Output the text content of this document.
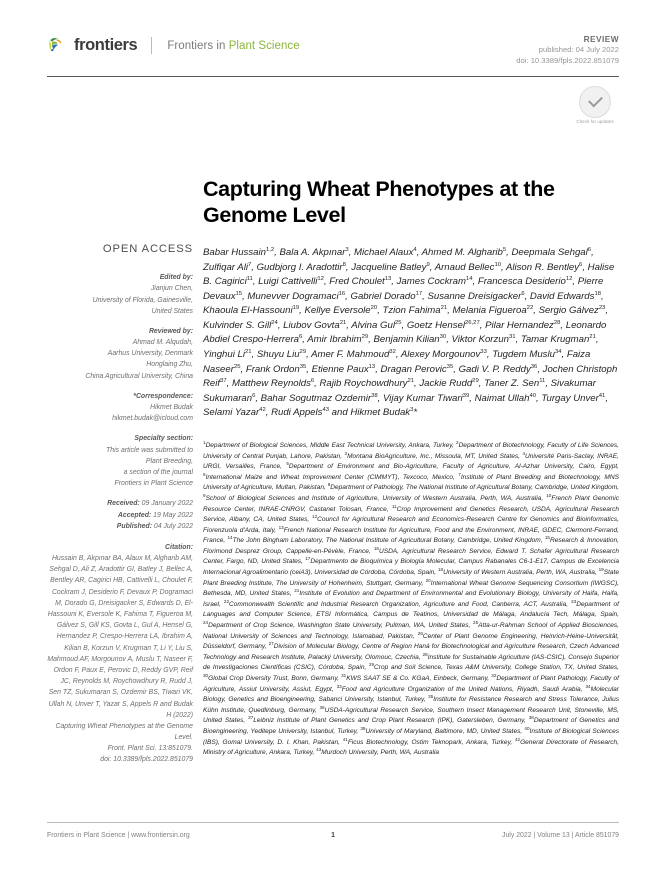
frontiers	Frontiers in Plant Science
REVIEW
published: 04 July 2022
doi: 10.3389/fpls.2022.851079
Check for updates
OPEN ACCESS
Edited by:
Jianjun Chen,
University of Florida, Gainesville,
United States
Reviewed by:
Ahmad M. Alqudah,
Aarhus University, Denmark
Honglaing Zhu,
China Agricultural University, China
*Correspondence:
Hikmet Budak
hikmet.budak@icloud.com
Specialty section:
This article was submitted to
Plant Breeding,
a section of the journal
Frontiers in Plant Science
Received: 09 January 2022
Accepted: 19 May 2022
Published: 04 July 2022
Citation:
Hussain B, Akpınar BA, Alaux M, Algharib AM, Sehgal D, Ali Z, Aradottir GI, Batley J, Bellec A, Bentley AR, Cagirici HB, Cattivelli L, Choulet F, Cockram J, Desiderio F, Devaux P, Dogramaci M, Dorado G, Dreisigacker S, Edwards D, El-Hassouni K, Eversole K, Fahima T, Figueroa M, Gálvez S, Gill KS, Govta L, Gul A, Hensel G, Hernandez P, Crespo-Herrera LA, Ibrahim A, Kilian B, Korzun V, Krugman T, Li Y, Liu S, Mahmoud AF, Morgounov A, Muslu T, Naseer F, Ordon F, Paux E, Perovic D, Reddy GVP, Reif JC, Reynolds M, Roychowdhury R, Rudd J, Sen TZ, Sukumaran S, Ozdemir BS, Tiwari VK, Ullah N, Unver T, Yazar S, Appels R and Budak H (2022)
Capturing Wheat Phenotypes at the Genome Level.
Front. Plant Sci. 13:851079.
doi: 10.3389/fpls.2022.851079
Capturing Wheat Phenotypes at the Genome Level
Babar Hussain$^{1,2}$, Bala A. Akpınar$^3$, Michael Alaux$^4$, Ahmed M. Algharib$^5$, Deepmala Sehgal$^6$, Zulfiqar Ali$^7$, Gudbjorg I. Aradottir$^8$, Jacqueline Batley$^9$, Arnaud Bellec$^{10}$, Alison R. Bentley$^6$, Halise B. Cagirici$^{11}$, Luigi Cattivelli$^{12}$, Fred Choulet$^{13}$, James Cockram$^{14}$, Francesca Desiderio$^{12}$, Pierre Devaux$^{15}$, Munevver Dogramaci$^{16}$, Gabriel Dorado$^{17}$, Susanne Dreisigacker$^6$, David Edwards$^{18}$, Khaoula El-Hassouni$^{19}$, Kellye Eversole$^{20}$, Tzion Fahima$^{21}$, Melania Figueroa$^{22}$, Sergio Gálvez$^{23}$, Kulvinder S. Gill$^{24}$, Liubov Govta$^{21}$, Alvina Gul$^{25}$, Goetz Hensel$^{26,27}$, Pilar Hernandez$^{28}$, Leonardo Abdiel Crespo-Herrera$^6$, Amir Ibrahim$^{29}$, Benjamin Kilian$^{30}$, Viktor Korzun$^{31}$, Tamar Krugman$^{21}$, Yinghui Li$^{21}$, Shuyu Liu$^{29}$, Amer F. Mahmoud$^{32}$, Alexey Morgounov$^{33}$, Tugdem Muslu$^{34}$, Faiza Naseer$^{25}$, Frank Ordon$^{35}$, Etienne Paux$^{13}$, Dragan Perovic$^{35}$, Gadi V. P. Reddy$^{36}$, Jochen Christoph Reif$^{37}$, Matthew Reynolds$^6$, Rajib Roychowdhury$^{21}$, Jackie Rudd$^{29}$, Taner Z. Sen$^{11}$, Sivakumar Sukumaran$^6$, Bahar Sogutmaz Ozdemir$^{38}$, Vijay Kumar Tiwari$^{39}$, Naimat Ullah$^{40}$, Turgay Unver$^{41}$, Selami Yazar$^{42}$, Rudi Appels$^{43}$ and Hikmet Budak$^3$*
$^1$Department of Biological Sciences, Middle East Technical University, Ankara, Turkey, $^2$Department of Biotechnology, Faculty of Life Sciences, University of Central Punjab, Lahore, Pakistan, $^3$Montana BioAgriculture, Inc., Missoula, MT, United States, $^4$Université Paris-Saclay, INRAE, URGI, Versailles, France, $^5$Department of Environment and Bio-Agriculture, Faculty of Agriculture, Al-Azhar University, Cairo, Egypt, $^6$International Maize and Wheat Improvement Center (CIMMYT), Texcoco, Mexico, $^7$Institute of Plant Breeding and Biotechnology, MNS University of Agriculture, Multan, Pakistan, $^8$Department of Pathology, The National Institute of Agricultural Botany, Cambridge, United Kingdom, $^9$School of Biological Sciences and Institute of Agriculture, University of Western Australia, Perth, WA, Australia, $^{10}$French Plant Genomic Resource Center, INRAE-CNRGV, Castanet Tolosan, France, $^{11}$Crop Improvement and Genetics Research, USDA, Agricultural Research Service, Albany, CA, United States, $^{12}$Council for Agricultural Research and Economics-Research Centre for Genomics and Bioinformatics, Fiorenzuola d'Arda, Italy, $^{13}$French National Research Institute for Agriculture, Food and the Environment, INRAE, GDEC, Clermont-Ferrand, France, $^{14}$The John Bingham Laboratory, The National Institute of Agricultural Botany, Cambridge, United Kingdom, $^{15}$Research & Innovation, Florimond Desprez Group, Cappelle-en-Pévèle, France, $^{16}$USDA, Agricultural Research Service, Edward T. Schafer Agricultural Research Center, Fargo, ND, United States, $^{17}$Departmento de Bioquímica y Biología Molecular, Campus Rabanales C6-1-E17, Campus de Excelencia Internacional Agroalimentario (ceiA3), Universidad de Córdoba, Córdoba, Spain, $^{18}$University of Western Australia, Perth, WA, Australia, $^{19}$State Plant Breeding Institute, The University of Hohenheim, Stuttgart, Germany, $^{20}$International Wheat Genome Sequencing Consortium (IWGSC), Bethesda, MD, United States, $^{21}$Institute of Evolution and Department of Environmental and Evolutionary Biology, University of Haifa, Haifa, Israel, $^{22}$Commonwealth Scientific and Industrial Research Organization, Agriculture and Food, Canberra, ACT, Australia, $^{23}$Department of Languages and Computer Science, ETSI Informática, Campus de Teatinos, Universidad de Málaga, Andalucía Tech, Málaga, Spain, $^{24}$Department of Crop Science, Washington State University, Pullman, WA, United States, $^{25}$Atta-ur-Rahman School of Applied Biosciences, National University of Sciences and Technology, Islamabad, Pakistan, $^{26}$Center of Plant Genome Engineering, Heinrich-Heine-Universität, Düsseldorf, Germany, $^{27}$Division of Molecular Biology, Centre of Region Haná for Biotechnological and Agriculture Research, Czech Advanced Technology and Research Institute, Palacký University, Olomouc, Czechia, $^{28}$Institute for Sustainable Agriculture (IAS-CSIC), Consejo Superior de Investigaciones Científicas (CSIC), Córdoba, Spain, $^{29}$Crop and Soil Science, Texas A&M University, College Station, TX, United States, $^{30}$Global Crop Diversity Trust, Bonn, Germany, $^{31}$KWS SAAT SE & Co. KGaA, Einbeck, Germany, $^{32}$Department of Plant Pathology, Faculty of Agriculture, Assiut University, Assiut, Egypt, $^{33}$Food and Agriculture Organization of the United Nations, Riyadh, Saudi Arabia, $^{34}$Molecular Biology, Genetics and Bioengineering, Sabanci University, Istanbul, Turkey, $^{35}$Institute for Resistance Research and Stress Tolerance, Julius Kühn Institute, Quedlinburg, Germany, $^{36}$USDA-Agricultural Research Service, Southern Insect Management Research Unit, Stoneville, MS, United States, $^{37}$Leibniz Institute of Plant Genetics and Crop Plant Research (IPK), Gatersleben, Germany, $^{38}$Department of Genetics and Bioengineering, Yeditepe University, Istanbul, Turkey, $^{39}$University of Maryland, Baltimore, MD, United States, $^{40}$Institute of Biological Sciences (IBS), Gomal University, D. I. Khan, Pakistan, $^{41}$Ficus Biotechnology, Ostim Teknopark, Ankara, Turkey, $^{42}$General Directorate of Research, Ministry of Agriculture, Ankara, Turkey, $^{43}$Murdoch University, Perth, WA, Australia
Frontiers in Plant Science | www.frontiersin.org	1	July 2022 | Volume 13 | Article 851079
